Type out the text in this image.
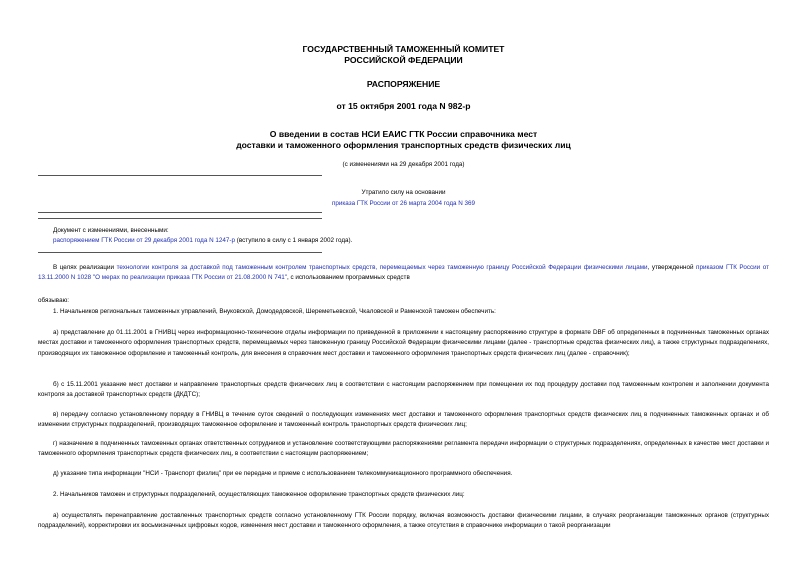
ГОСУДАРСТВЕННЫЙ ТАМОЖЕННЫЙ КОМИТЕТ
РОССИЙСКОЙ ФЕДЕРАЦИИ
РАСПОРЯЖЕНИЕ
от 15 октября 2001 года N 982-р
О введении в состав НСИ ЕАИС ГТК России справочника мест
доставки и таможенного оформления транспортных средств физических лиц
(с изменениями на 29 декабря 2001 года)
Утратило силу на основании
приказа ГТК России от 26 марта 2004 года N 369
Документ с изменениями, внесенными:
распоряжением ГТК России от 29 декабря 2001 года N 1247-р (вступило в силу с 1 января 2002 года).
В целях реализации технологии контроля за доставкой под таможенным контролем транспортных средств, перемещаемых через таможенную границу Российской Федерации физическими лицами, утвержденной приказом ГТК России от 13.11.2000 N 1028 "О мерах по реализации приказа ГТК России от 21.08.2000 N 741", с использованием программных средств
обязываю:
1. Начальников региональных таможенных управлений, Внуковской, Домодедовской, Шереметьевской, Чкаловской и Раменской таможен обеспечить:
а) представление до 01.11.2001 в ГНИВЦ через информационно-технические отделы информации по приведенной в приложении к настоящему распоряжению структуре в формате DBF об определенных в подчиненных таможенных органах местах доставки и таможенного оформления транспортных средств, перемещаемых через таможенную границу Российской Федерации физическими лицами (далее - транспортные средства физических лиц), а также структурных подразделениях, производящих их таможенное оформление и таможенный контроль, для внесения в справочник мест доставки и таможенного оформления транспортных средств физических лиц (далее - справочник);
б) с 15.11.2001 указание мест доставки и направление транспортных средств физических лиц в соответствии с настоящим распоряжением при помещении их под процедуру доставки под таможенным контролем и заполнении документа контроля за доставкой транспортных средств (ДКДТС);
в) передачу согласно установленному порядку в ГНИВЦ в течение суток сведений о последующих изменениях мест доставки и таможенного оформления транспортных средств физических лиц в подчиненных таможенных органах и об изменении структурных подразделений, производящих таможенное оформление и таможенный контроль транспортных средств физических лиц;
г) назначение в подчиненных таможенных органах ответственных сотрудников и установление соответствующими распоряжениями регламента передачи информации о структурных подразделениях, определенных в качестве мест доставки и таможенного оформления транспортных средств физических лиц, в соответствии с настоящим распоряжением;
д) указание типа информации "НСИ - Транспорт физлиц" при ее передаче и приеме с использованием телекоммуникационного программного обеспечения.
2. Начальников таможен и структурных подразделений, осуществляющих таможенное оформление транспортных средств физических лиц:
а) осуществлять перенаправление доставленных транспортных средств согласно установленному ГТК России порядку, включая возможность доставки физическими лицами, в случаях реорганизации таможенных органов (структурных подразделений), корректировки их восьмизначных цифровых кодов, изменения мест доставки и таможенного оформления, а также отсутствия в справочнике информации о такой реорганизации
